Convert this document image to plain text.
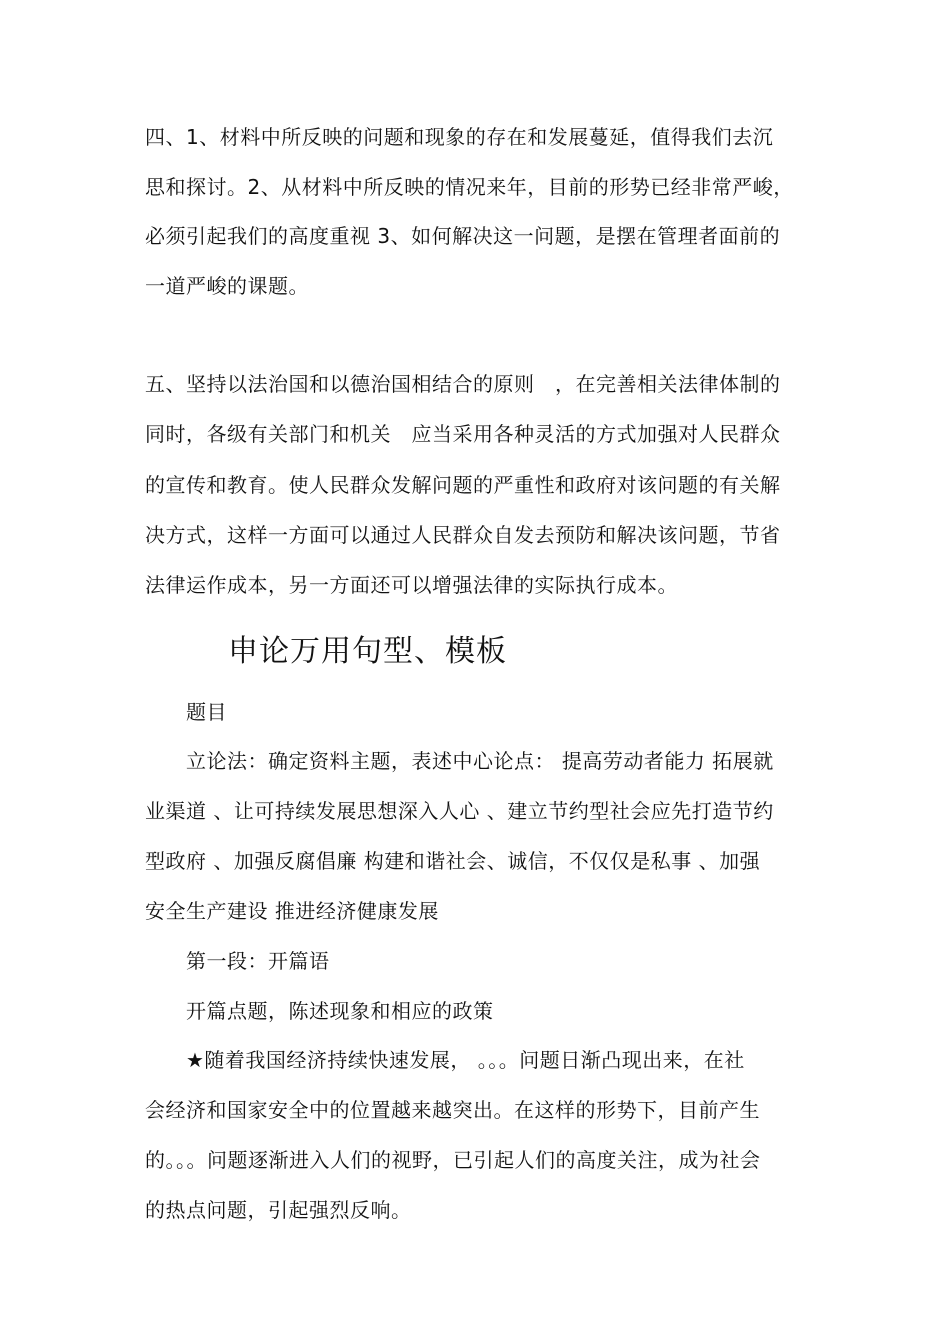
四、1、材料中所反映的问题和现象的存在和发展蔓延，值得我们去沉
思和探讨。2、从材料中所反映的情况来年，目前的形势已经非常严峻，
必须引起我们的高度重视 3、如何解决这一问题，是摆在管理者面前的
一道严峻的课题。
五、坚持以法治国和以德治国相结合的原则　，在完善相关法律体制的
同时，各级有关部门和机关　应当采用各种灵活的方式加强对人民群众
的宣传和教育。使人民群众发解问题的严重性和政府对该问题的有关解
决方式，这样一方面可以通过人民群众自发去预防和解决该问题，节省
法律运作成本，另一方面还可以增强法律的实际执行成本。
申论万用句型、模板
题目
立论法：确定资料主题，表述中心论点： 提高劳动者能力 拓展就
业渠道 、让可持续发展思想深入人心 、建立节约型社会应先打造节约
型政府 、加强反腐倡廉 构建和谐社会、诚信，不仅仅是私事 、加强
安全生产建设 推进经济健康发展
第一段：开篇语
开篇点题，陈述现象和相应的政策
★随着我国经济持续快速发展， 。。。问题日渐凸现出来，在社
会经济和国家安全中的位置越来越突出。在这样的形势下，目前产生
的。。。问题逐渐进入人们的视野，已引起人们的高度关注，成为社会
的热点问题，引起强烈反响。
